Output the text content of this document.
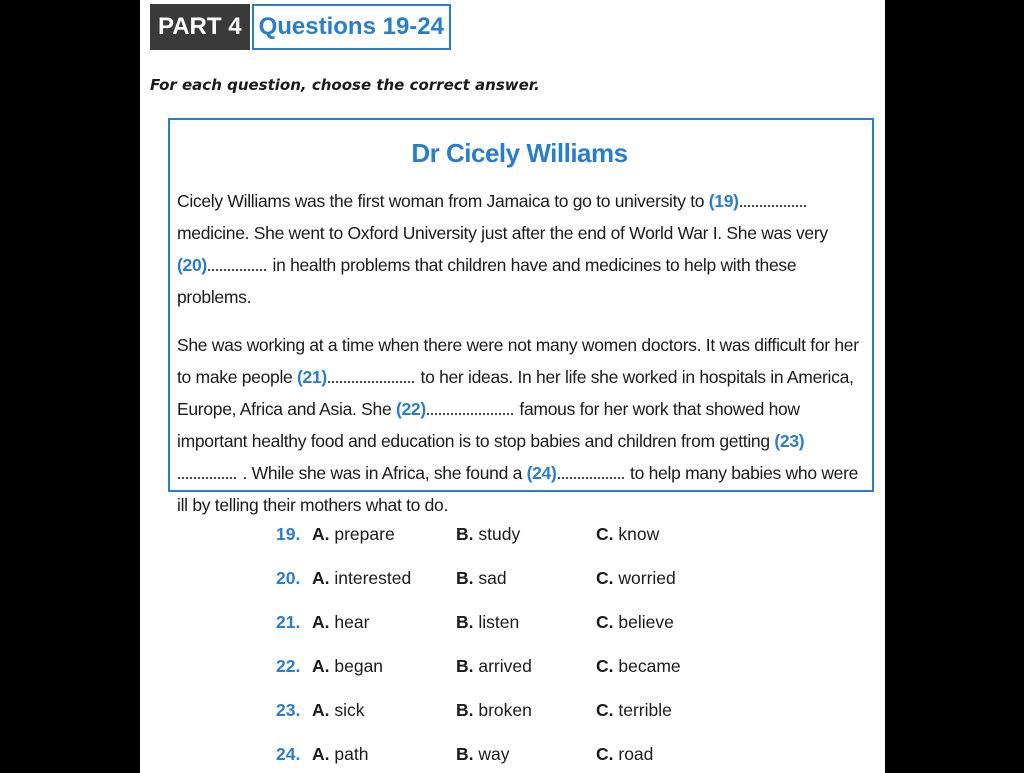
PART 4 Questions 19-24
For each question, choose the correct answer.
Dr Cicely Williams

Cicely Williams was the first woman from Jamaica to go to university to (19) medicine. She went to Oxford University just after the end of World War I. She was very (20)	in health problems that children have and medicines to help with these problems.

She was working at a time when there were not many women doctors. It was difficult for her to make people (21)	to her ideas. In her life she worked in hospitals in America, Europe, Africa and Asia. She (22)	famous for her work that showed how important healthy food and education is to stop babies and children from getting (23) . While she was in Africa, she found a (24)	to help many babies who were ill by telling their mothers what to do.

19. A. prepare	B. study	C. know
20. A. interested	B. sad	C. worried
21. A. hear	B. listen	C. believe
22. A. began	B. arrived	C. became
23. A. sick	B. broken	C. terrible
24. A. path	B. way	C. road
